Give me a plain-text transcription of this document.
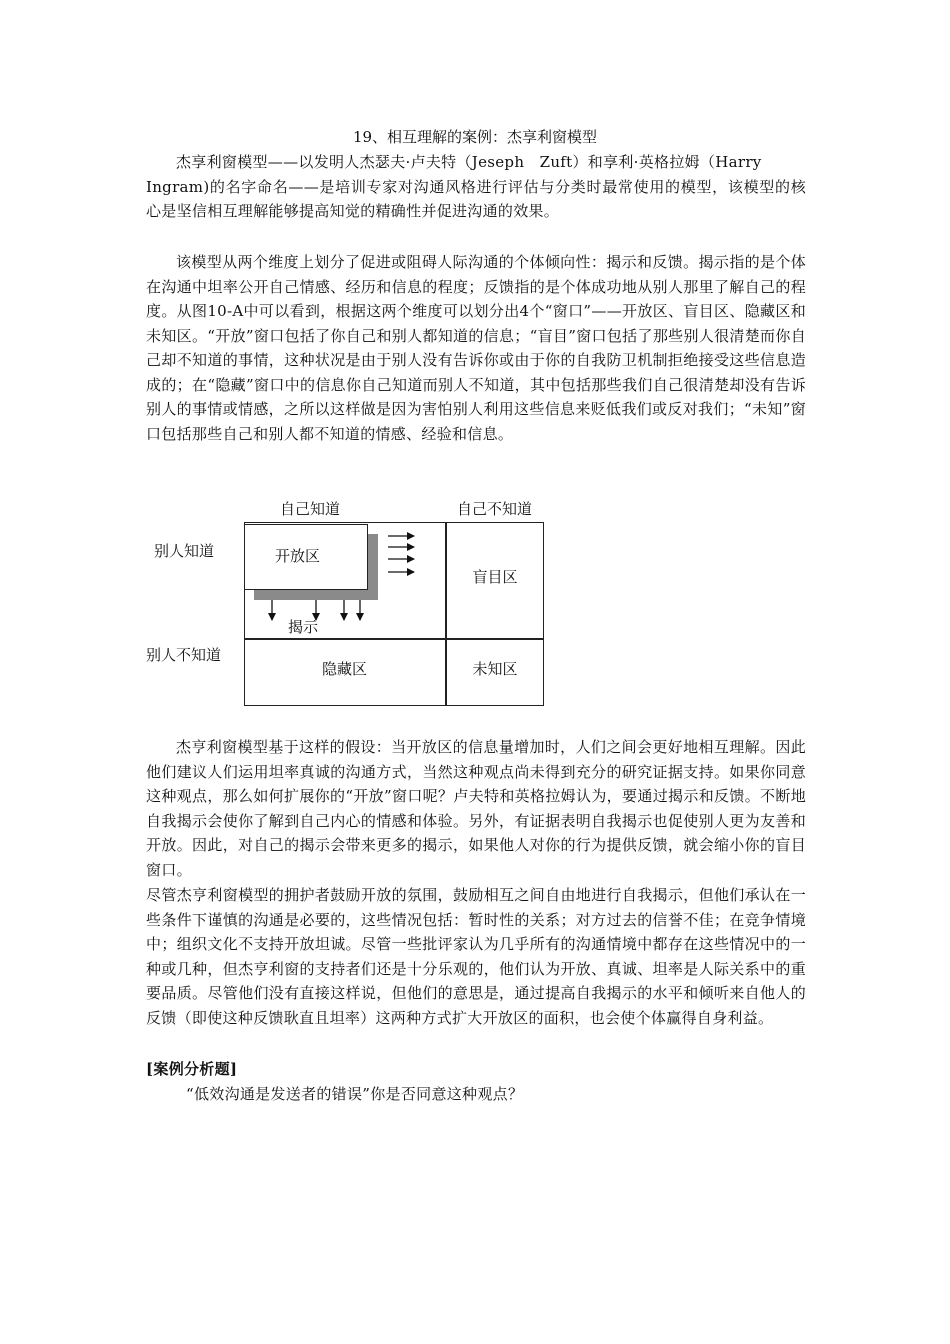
19、相互理解的案例：杰享利窗模型

杰享利窗模型——以发明人杰瑟夫·卢夫特（Jeseph　Zuft）和享利·英格拉姆（Harry

Ingram)的名字命名——是培训专家对沟通风格进行评估与分类时最常使用的模型，该模型的核心是坚信相互理解能够提高知觉的精确性并促进沟通的效果。

该模型从两个维度上划分了促进或阻碍人际沟通的个体倾向性：揭示和反馈。揭示指的是个体在沟通中坦率公开自己情感、经历和信息的程度；反馈指的是个体成功地从别人那里了解自己的程度。从图10-A中可以看到，根据这两个维度可以划分出4个“窗口”——开放区、盲目区、隐藏区和未知区。“开放”窗口包括了你自己和别人都知道的信息；“盲目”窗口包括了那些别人很清楚而你自己却不知道的事情，这种状况是由于别人没有告诉你或由于你的自我防卫机制拒绝接受这些信息造成的；在“隐藏”窗口中的信息你自己知道而别人不知道，其中包括那些我们自己很清楚却没有告诉别人的事情或情感，之所以这样做是因为害怕别人利用这些信息来贬低我们或反对我们；“未知”窗口包括那些自己和别人都不知道的情感、经验和信息。

自己知道	自己不知道
别人知道
别人不知道
开放区
盲目区
隐藏区	未知区
揭示

杰亨利窗模型基于这样的假设：当开放区的信息量增加时，人们之间会更好地相互理解。因此他们建议人们运用坦率真诚的沟通方式，当然这种观点尚未得到充分的研究证据支持。如果你同意这种观点，那么如何扩展你的“开放”窗口呢？卢夫特和英格拉姆认为，要通过揭示和反馈。不断地自我揭示会使你了解到自己内心的情感和体验。另外，有证据表明自我揭示也促使别人更为友善和开放。因此，对自己的揭示会带来更多的揭示，如果他人对你的行为提供反馈，就会缩小你的盲目窗口。

尽管杰亨利窗模型的拥护者鼓励开放的氛围，鼓励相互之间自由地进行自我揭示，但他们承认在一些条件下谨慎的沟通是必要的，这些情况包括：暂时性的关系；对方过去的信誉不佳；在竞争情境中；组织文化不支持开放坦诚。尽管一些批评家认为几乎所有的沟通情境中都存在这些情况中的一种或几种，但杰亨利窗的支持者们还是十分乐观的，他们认为开放、真诚、坦率是人际关系中的重要品质。尽管他们没有直接这样说，但他们的意思是，通过提高自我揭示的水平和倾听来自他人的反馈（即使这种反馈耿直且坦率）这两种方式扩大开放区的面积，也会使个体赢得自身利益。

[案例分析题]

“低效沟通是发送者的错误”你是否同意这种观点？
